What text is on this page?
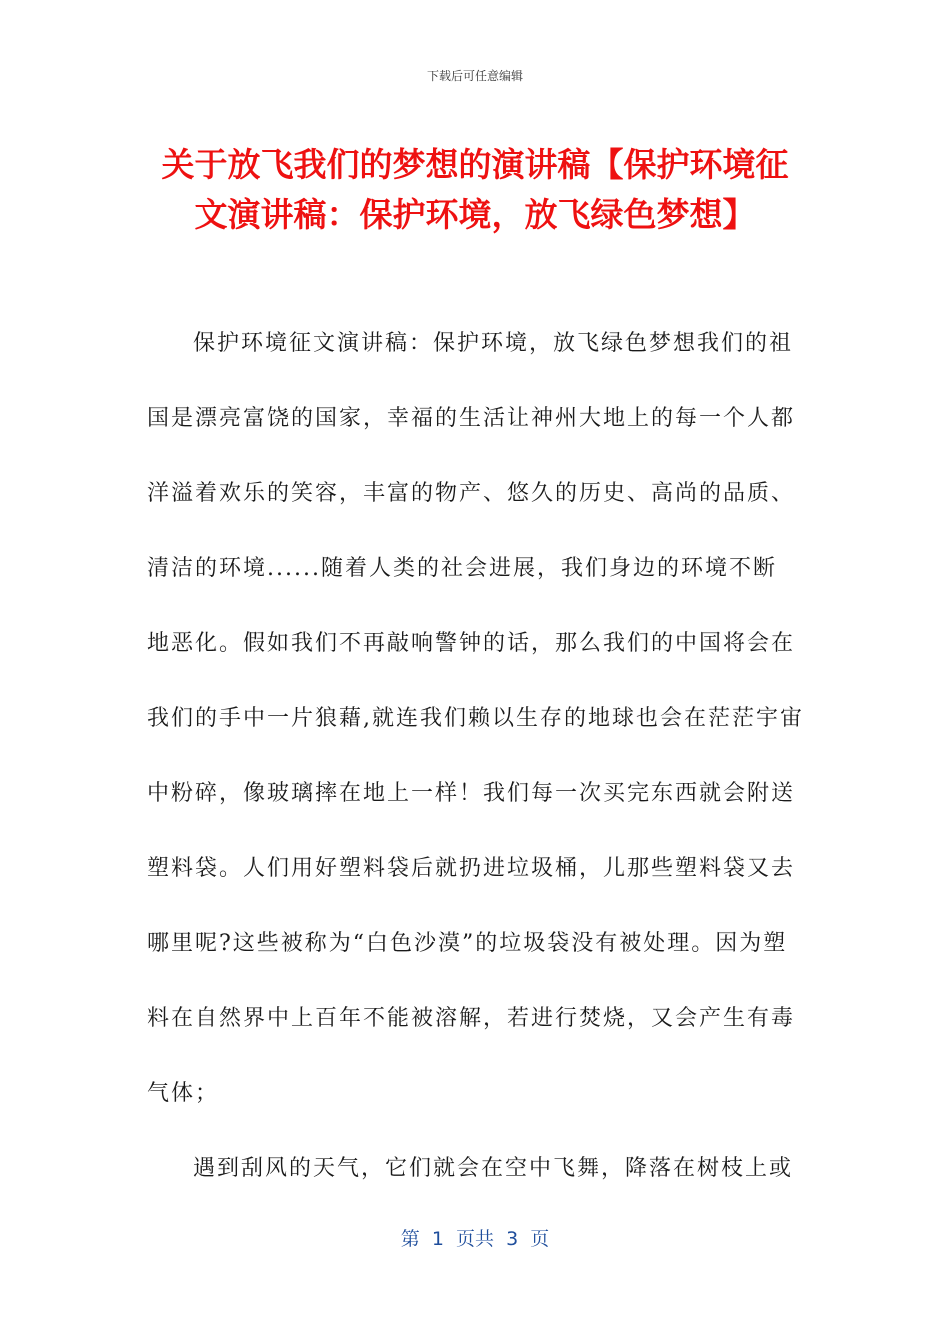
下载后可任意编辑
关于放飞我们的梦想的演讲稿【保护环境征
文演讲稿：保护环境，放飞绿色梦想】
保护环境征文演讲稿：保护环境，放飞绿色梦想我们的祖
国是漂亮富饶的国家，幸福的生活让神州大地上的每一个人都
洋溢着欢乐的笑容，丰富的物产、悠久的历史、高尚的品质、
清洁的环境......随着人类的社会进展，我们身边的环境不断
地恶化。假如我们不再敲响警钟的话，那么我们的中国将会在
我们的手中一片狼藉,就连我们赖以生存的地球也会在茫茫宇宙
中粉碎，像玻璃摔在地上一样！我们每一次买完东西就会附送
塑料袋。人们用好塑料袋后就扔进垃圾桶，儿那些塑料袋又去
哪里呢?这些被称为“白色沙漠”的垃圾袋没有被处理。因为塑
料在自然界中上百年不能被溶解，若进行焚烧，又会产生有毒
气体；
遇到刮风的天气，它们就会在空中飞舞，降落在树枝上或
第  1  页共  3  页
